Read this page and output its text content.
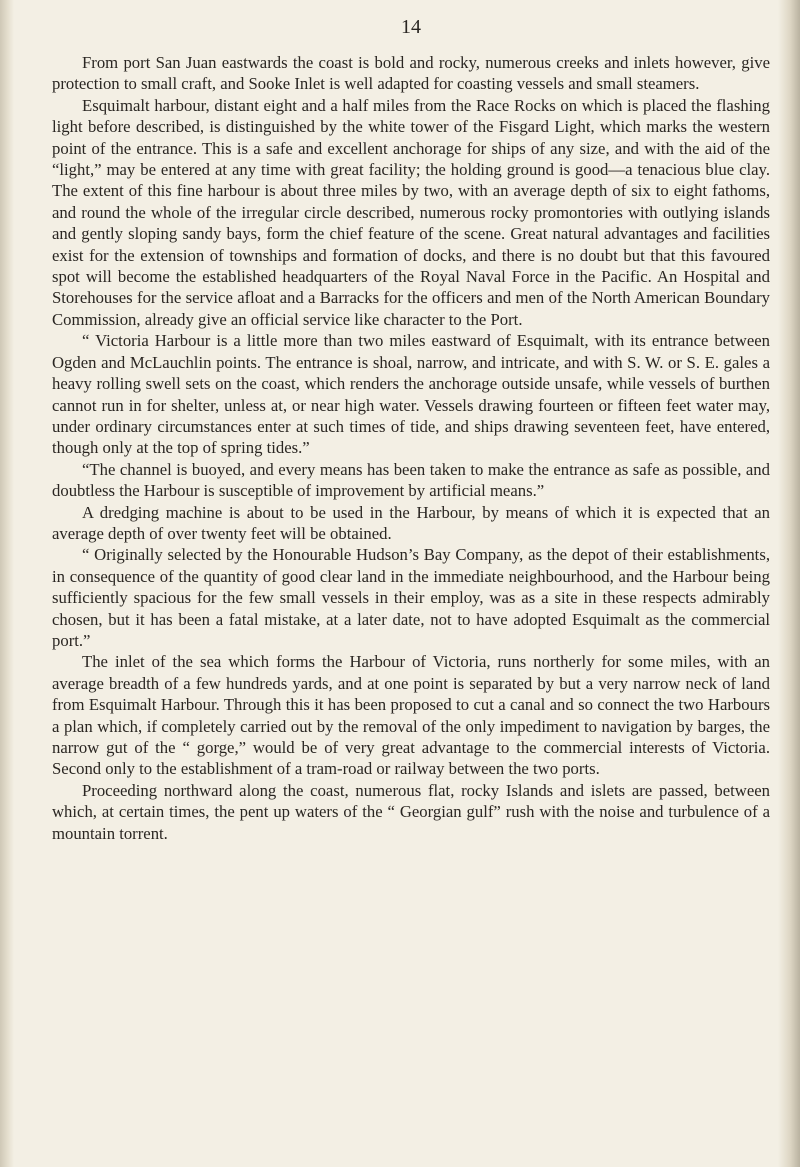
14

From port San Juan eastwards the coast is bold and rocky, numerous creeks and inlets however, give protection to small craft, and Sooke Inlet is well adapted for coasting vessels and small steamers.

Esquimalt harbour, distant eight and a half miles from the Race Rocks on which is placed the flashing light before described, is distinguished by the white tower of the Fisgard Light, which marks the western point of the entrance. This is a safe and excellent anchorage for ships of any size, and with the aid of the “light,” may be entered at any time with great facility; the holding ground is good—a tenacious blue clay. The extent of this fine harbour is about three miles by two, with an average depth of six to eight fathoms, and round the whole of the irregular circle described, numerous rocky promontories with outlying islands and gently sloping sandy bays, form the chief feature of the scene. Great natural advantages and facilities exist for the extension of townships and formation of docks, and there is no doubt but that this favoured spot will become the established headquarters of the Royal Naval Force in the Pacific. An Hospital and Storehouses for the service afloat and a Barracks for the officers and men of the North American Boundary Commission, already give an official service like character to the Port.

“ Victoria Harbour is a little more than two miles eastward of Esquimalt, with its entrance between Ogden and McLauchlin points. The entrance is shoal, narrow, and intricate, and with S. W. or S. E. gales a heavy rolling swell sets on the coast, which renders the anchorage outside unsafe, while vessels of burthen cannot run in for shelter, unless at, or near high water. Vessels drawing fourteen or fifteen feet water may, under ordinary circumstances enter at such times of tide, and ships drawing seventeen feet, have entered, though only at the top of spring tides.”

“The channel is buoyed, and every means has been taken to make the entrance as safe as possible, and doubtless the Harbour is susceptible of improvement by artificial means.”

A dredging machine is about to be used in the Harbour, by means of which it is expected that an average depth of over twenty feet will be obtained.

“ Originally selected by the Honourable Hudson’s Bay Company, as the depot of their establishments, in consequence of the quantity of good clear land in the immediate neighbourhood, and the Harbour being sufficiently spacious for the few small vessels in their employ, was as a site in these respects admirably chosen, but it has been a fatal mistake, at a later date, not to have adopted Esquimalt as the commercial port.”

The inlet of the sea which forms the Harbour of Victoria, runs northerly for some miles, with an average breadth of a few hundreds yards, and at one point is separated by but a very narrow neck of land from Esquimalt Harbour. Through this it has been proposed to cut a canal and so connect the two Harbours a plan which, if completely carried out by the removal of the only impediment to navigation by barges, the narrow gut of the “ gorge,” would be of very great advantage to the commercial interests of Victoria. Second only to the establishment of a tram-road or railway between the two ports.

Proceeding northward along the coast, numerous flat, rocky Islands and islets are passed, between which, at certain times, the pent up waters of the “ Georgian gulf” rush with the noise and turbulence of a mountain torrent.
